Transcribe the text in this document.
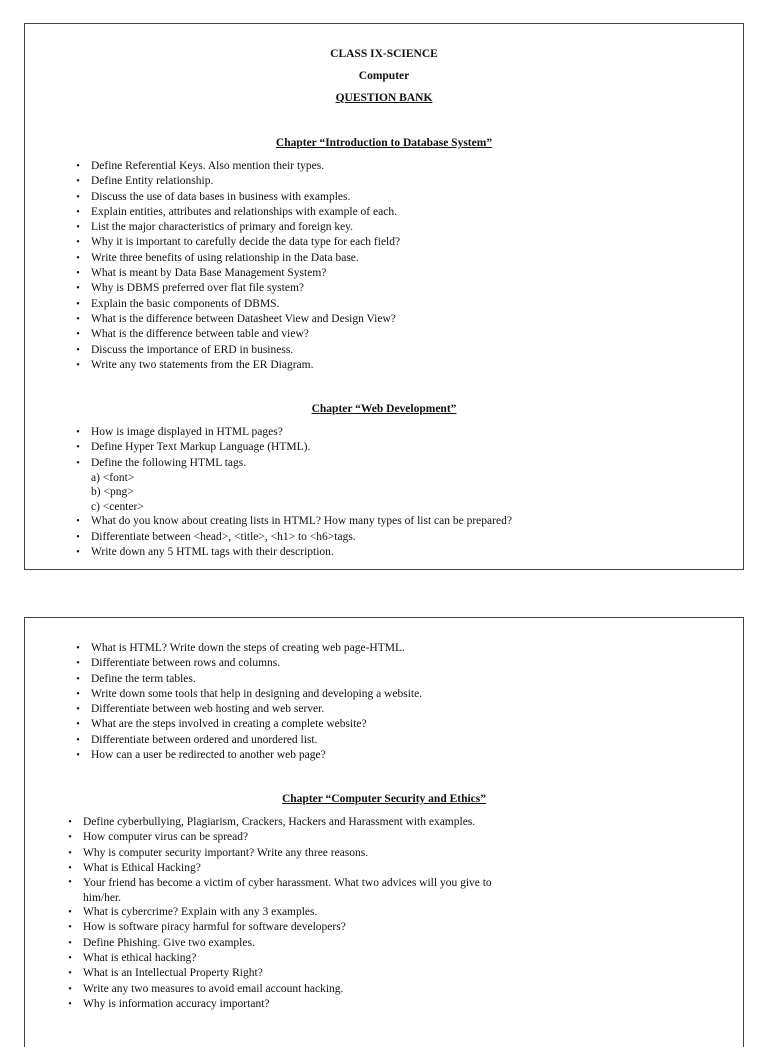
CLASS IX-SCIENCE
Computer
QUESTION BANK
Chapter “Introduction to Database System”
• Define Referential Keys. Also mention their types.
• Define Entity relationship.
• Discuss the use of data bases in business with examples.
• Explain entities, attributes and relationships with example of each.
• List the major characteristics of primary and foreign key.
• Why it is important to carefully decide the data type for each field?
• Write three benefits of using relationship in the Data base.
• What is meant by Data Base Management System?
• Why is DBMS preferred over flat file system?
• Explain the basic components of DBMS.
• What is the difference between Datasheet View and Design View?
• What is the difference between table and view?
• Discuss the importance of ERD in business.
• Write any two statements from the ER Diagram.
Chapter “Web Development”
• How is image displayed in HTML pages?
• Define Hyper Text Markup Language (HTML).
• Define the following HTML tags.
a) <font>
b) <png>
c) <center>
• What do you know about creating lists in HTML? How many types of list can be prepared?
• Differentiate between <head>, <title>, <h1> to <h6>tags.
• Write down any 5 HTML tags with their description.
• What is HTML? Write down the steps of creating web page-HTML.
• Differentiate between rows and columns.
• Define the term tables.
• Write down some tools that help in designing and developing a website.
• Differentiate between web hosting and web server.
• What are the steps involved in creating a complete website?
• Differentiate between ordered and unordered list.
• How can a user be redirected to another web page?
Chapter “Computer Security and Ethics”
• Define cyberbullying, Plagiarism, Crackers, Hackers and Harassment with examples.
• How computer virus can be spread?
• Why is computer security important? Write any three reasons.
• What is Ethical Hacking?
• Your friend has become a victim of cyber harassment. What two advices will you give to him/her.
• What is cybercrime? Explain with any 3 examples.
• How is software piracy harmful for software developers?
• Define Phishing. Give two examples.
• What is ethical hacking?
• What is an Intellectual Property Right?
• Write any two measures to avoid email account hacking.
• Why is information accuracy important?
